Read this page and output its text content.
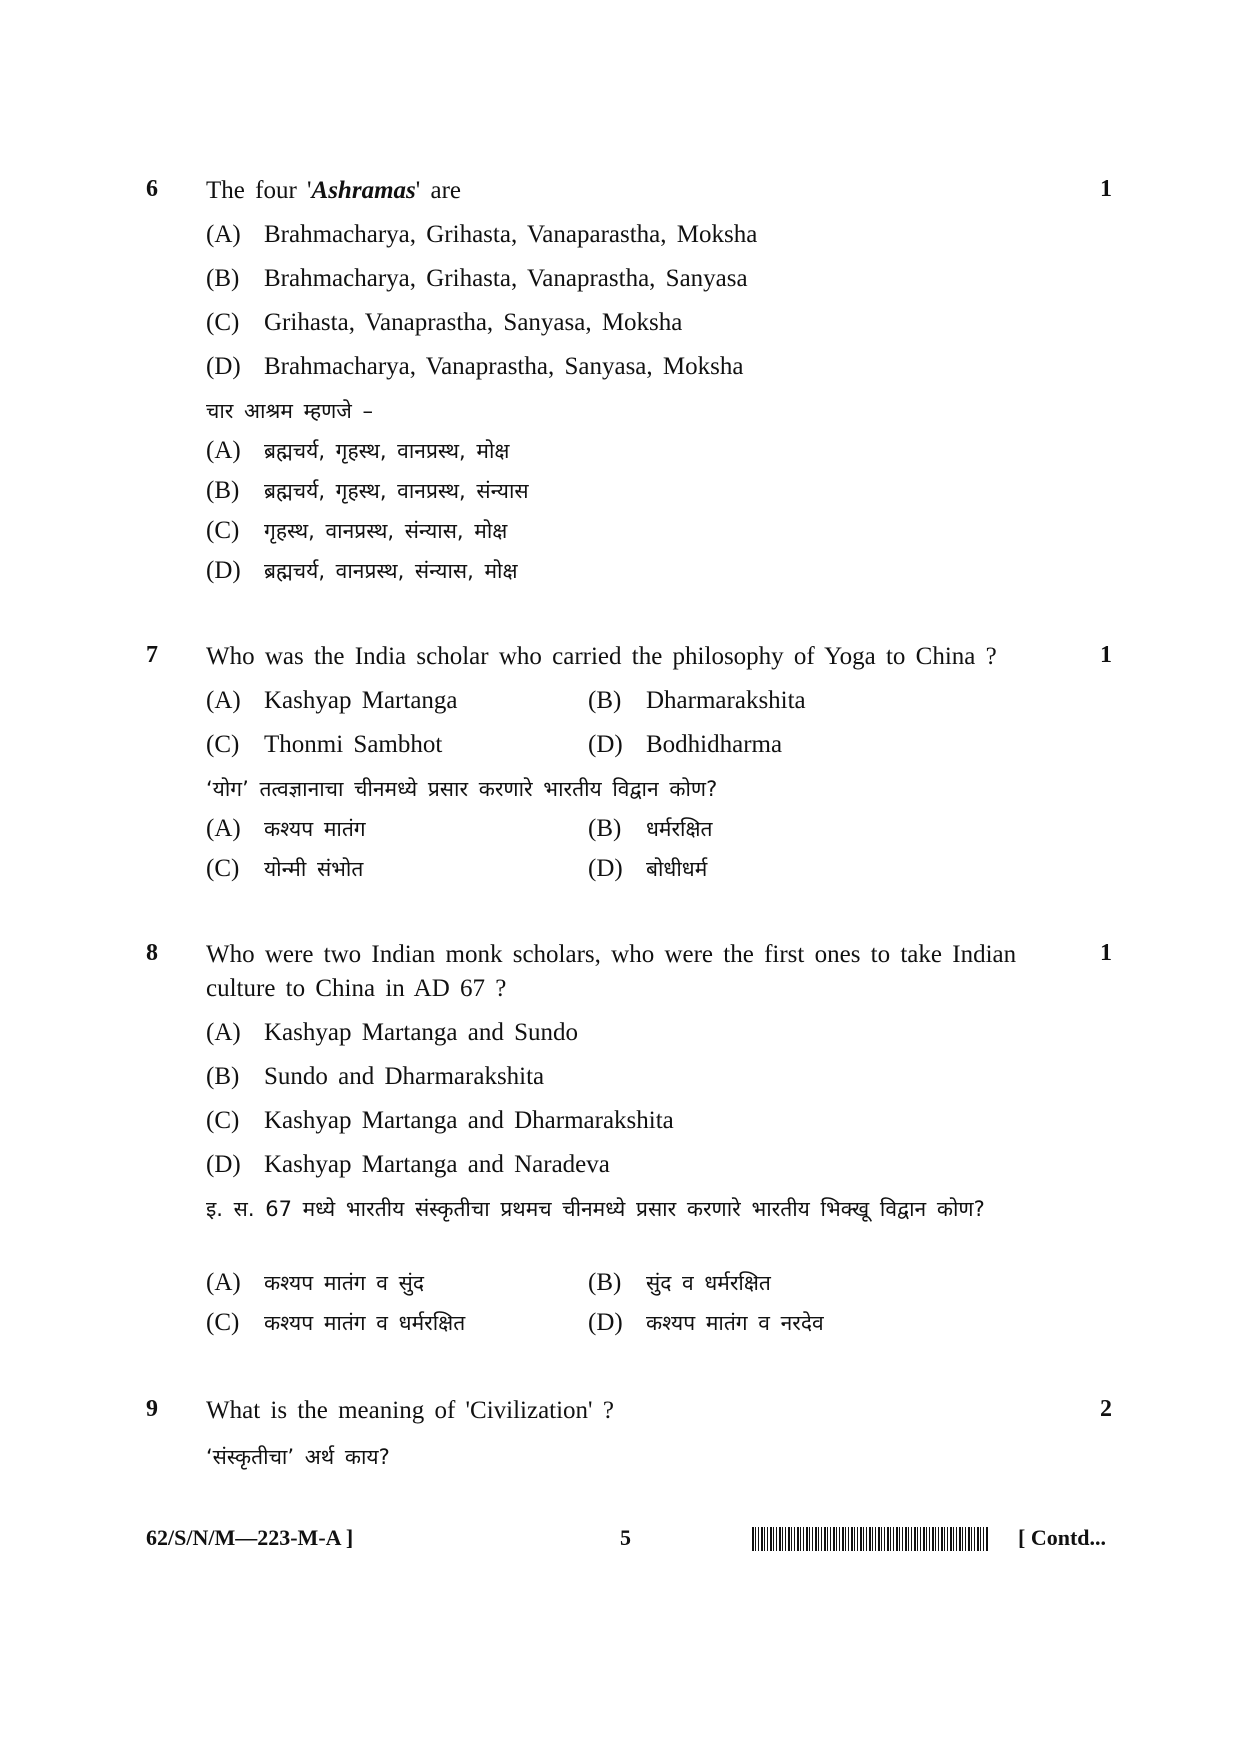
6	1
The four 'Ashramas' are
(A) Brahmacharya, Grihasta, Vanaparastha, Moksha
(B) Brahmacharya, Grihasta, Vanaprastha, Sanyasa
(C) Grihasta, Vanaprastha, Sanyasa, Moksha
(D) Brahmacharya, Vanaprastha, Sanyasa, Moksha
चार आश्रम म्हणजे –
(A) ब्रह्मचर्य, गृहस्थ, वानप्रस्थ, मोक्ष
(B) ब्रह्मचर्य, गृहस्थ, वानप्रस्थ, संन्यास
(C) गृहस्थ, वानप्रस्थ, संन्यास, मोक्ष
(D) ब्रह्मचर्य, वानप्रस्थ, संन्यास, मोक्ष
7	1
Who was the India scholar who carried the philosophy of Yoga to China ?
(A) Kashyap Martanga	(B) Dharmarakshita
(C) Thonmi Sambhot	(D) Bodhidharma
‘योग’ तत्वज्ञानाचा चीनमध्ये प्रसार करणारे भारतीय विद्वान कोण?
(A) कश्यप मातंग	(B) धर्मरक्षित
(C) योन्मी संभोत	(D) बोधीधर्म
8	1
Who were two Indian monk scholars, who were the first ones to take Indian culture to China in AD 67 ?
(A) Kashyap Martanga and Sundo
(B) Sundo and Dharmarakshita
(C) Kashyap Martanga and Dharmarakshita
(D) Kashyap Martanga and Naradeva
इ. स. 67 मध्ये भारतीय संस्कृतीचा प्रथमच चीनमध्ये प्रसार करणारे भारतीय भिक्खू विद्वान कोण?
(A) कश्यप मातंग व सुंद	(B) सुंद व धर्मरक्षित
(C) कश्यप मातंग व धर्मरक्षित	(D) कश्यप मातंग व नरदेव
9	2
What is the meaning of 'Civilization' ?
‘संस्कृतीचा’ अर्थ काय?
62/S/N/M—223-M-A ]	5	[ Contd...
